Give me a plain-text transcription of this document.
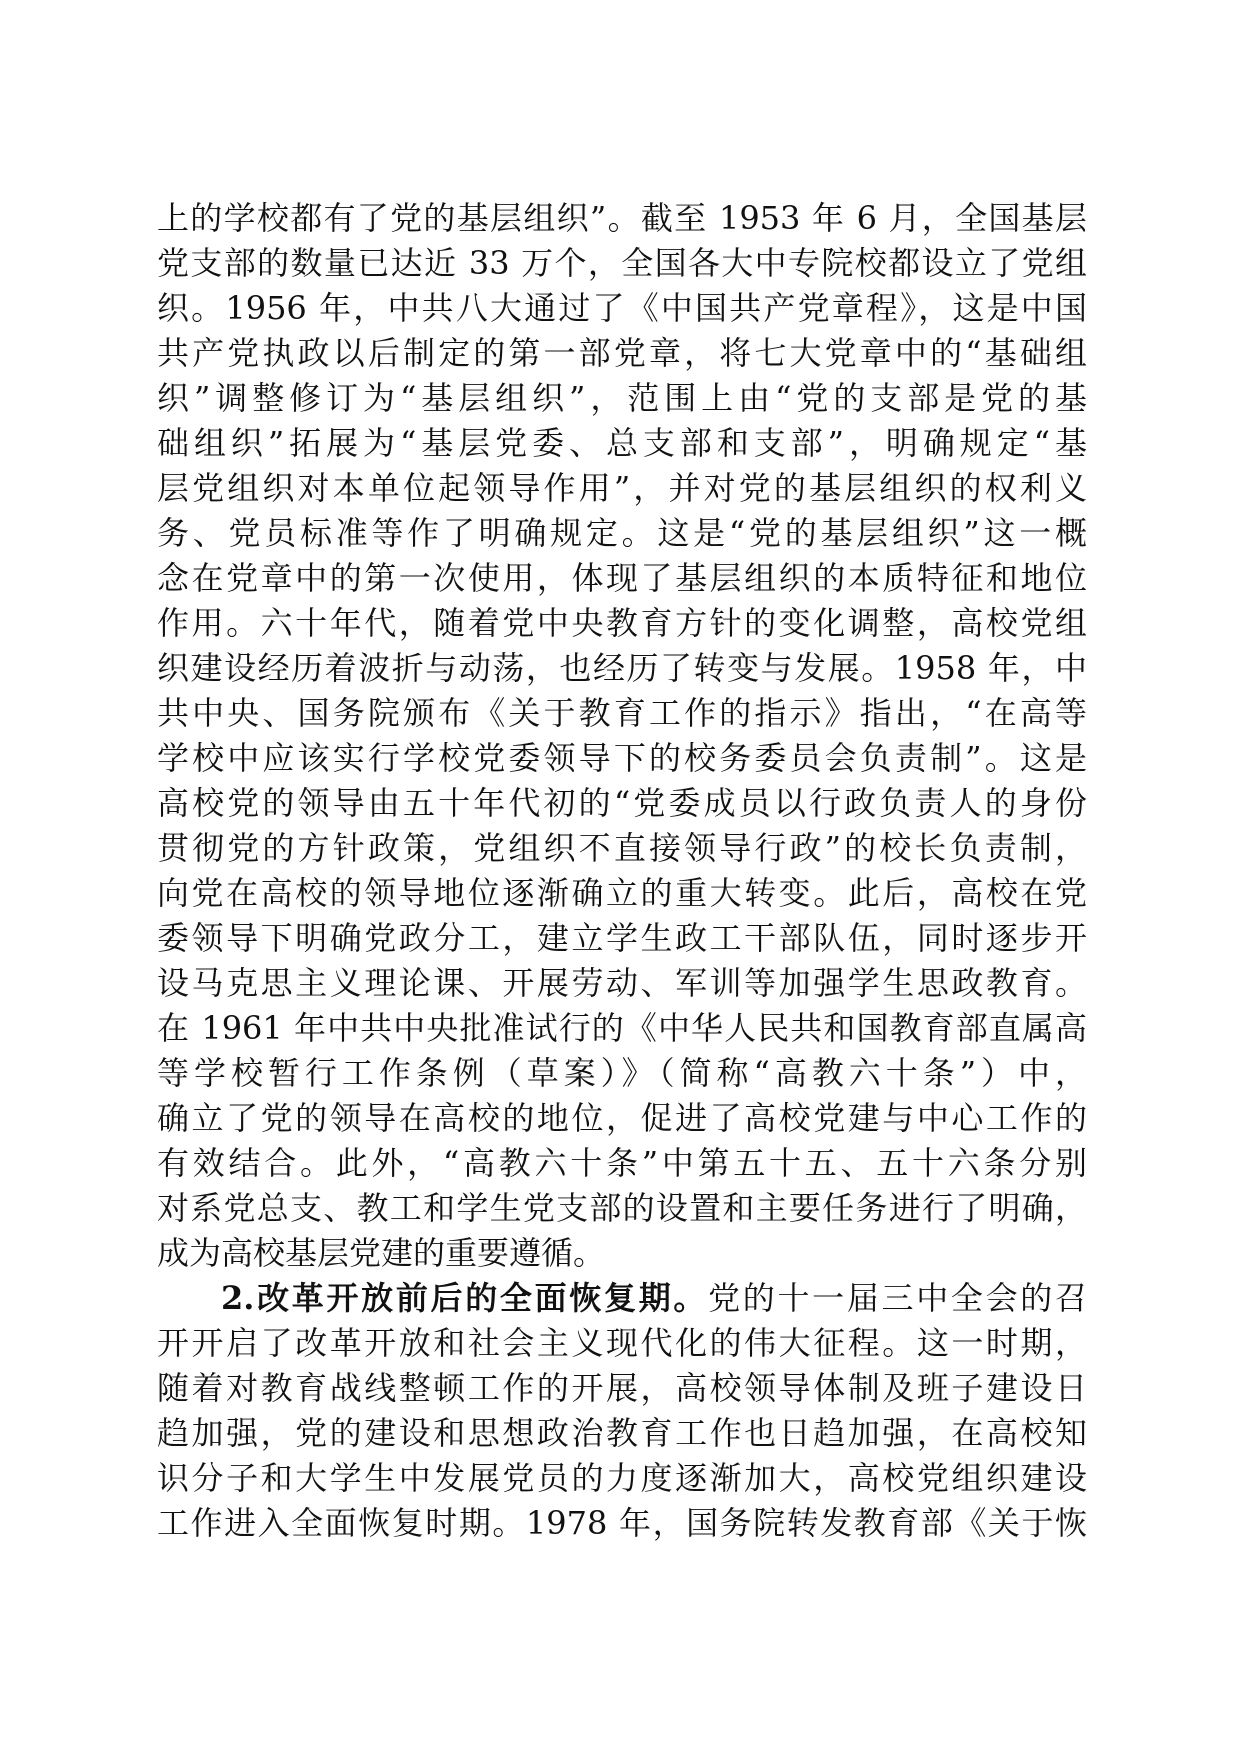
上的学校都有了党的基层组织”。截至 1953 年 6 月，全国基层
党支部的数量已达近 33 万个，全国各大中专院校都设立了党组
织。1956 年，中共八大通过了《中国共产党章程》，这是中国
共产党执政以后制定的第一部党章，将七大党章中的“基础组
织”调整修订为“基层组织”，范围上由“党的支部是党的基
础组织”拓展为“基层党委、总支部和支部”，明确规定“基
层党组织对本单位起领导作用”，并对党的基层组织的权利义
务、党员标准等作了明确规定。这是“党的基层组织”这一概
念在党章中的第一次使用，体现了基层组织的本质特征和地位
作用。六十年代，随着党中央教育方针的变化调整，高校党组
织建设经历着波折与动荡，也经历了转变与发展。1958 年，中
共中央、国务院颁布《关于教育工作的指示》指出，“在高等
学校中应该实行学校党委领导下的校务委员会负责制”。这是
高校党的领导由五十年代初的“党委成员以行政负责人的身份
贯彻党的方针政策，党组织不直接领导行政”的校长负责制，
向党在高校的领导地位逐渐确立的重大转变。此后，高校在党
委领导下明确党政分工，建立学生政工干部队伍，同时逐步开
设马克思主义理论课、开展劳动、军训等加强学生思政教育。
在 1961 年中共中央批准试行的《中华人民共和国教育部直属高
等学校暂行工作条例（草案）》（简称“高教六十条”）中，
确立了党的领导在高校的地位，促进了高校党建与中心工作的
有效结合。此外，“高教六十条”中第五十五、五十六条分别
对系党总支、教工和学生党支部的设置和主要任务进行了明确，
成为高校基层党建的重要遵循。
2.改革开放前后的全面恢复期。党的十一届三中全会的召
开开启了改革开放和社会主义现代化的伟大征程。这一时期，
随着对教育战线整顿工作的开展，高校领导体制及班子建设日
趋加强，党的建设和思想政治教育工作也日趋加强，在高校知
识分子和大学生中发展党员的力度逐渐加大，高校党组织建设
工作进入全面恢复时期。1978 年，国务院转发教育部《关于恢
